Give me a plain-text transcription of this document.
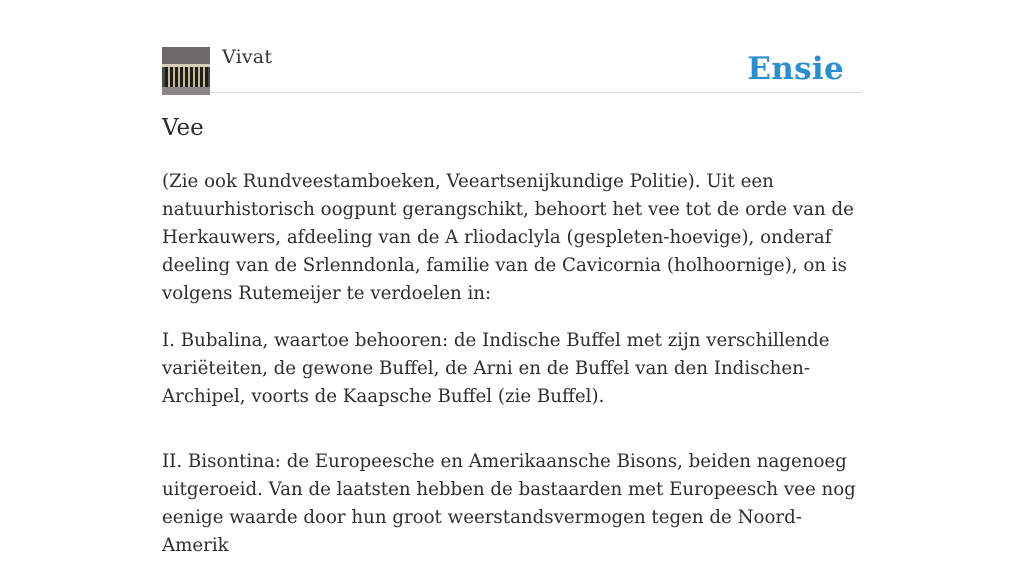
Vivat	Ensie
Vee

(Zie ook Rundveestamboeken, Veeartsenijkundige Politie). Uit een natuurhistorisch oogpunt gerangschikt, behoort het vee tot de orde van de Herkauwers, afdeeling van de A rliodaclyla (gespleten-hoevige), onderaf deeling van de Srlenndonla, familie van de Cavicornia (holhoornige), on is volgens Rutemeijer te verdoelen in:

I. Bubalina, waartoe behooren: de Indische Buffel met zijn verschillende variëteiten, de gewone Buffel, de Arni en de Buffel van den Indischen-Archipel, voorts de Kaapsche Buffel (zie Buffel).

II. Bisontina: de Europeesche en Amerikaansche Bisons, beiden nagenoeg uitgeroeid. Van de laatsten hebben de bastaarden met Europeesch vee nog eenige waarde door hun groot weerstandsvermogen tegen de Noord-Amerik
